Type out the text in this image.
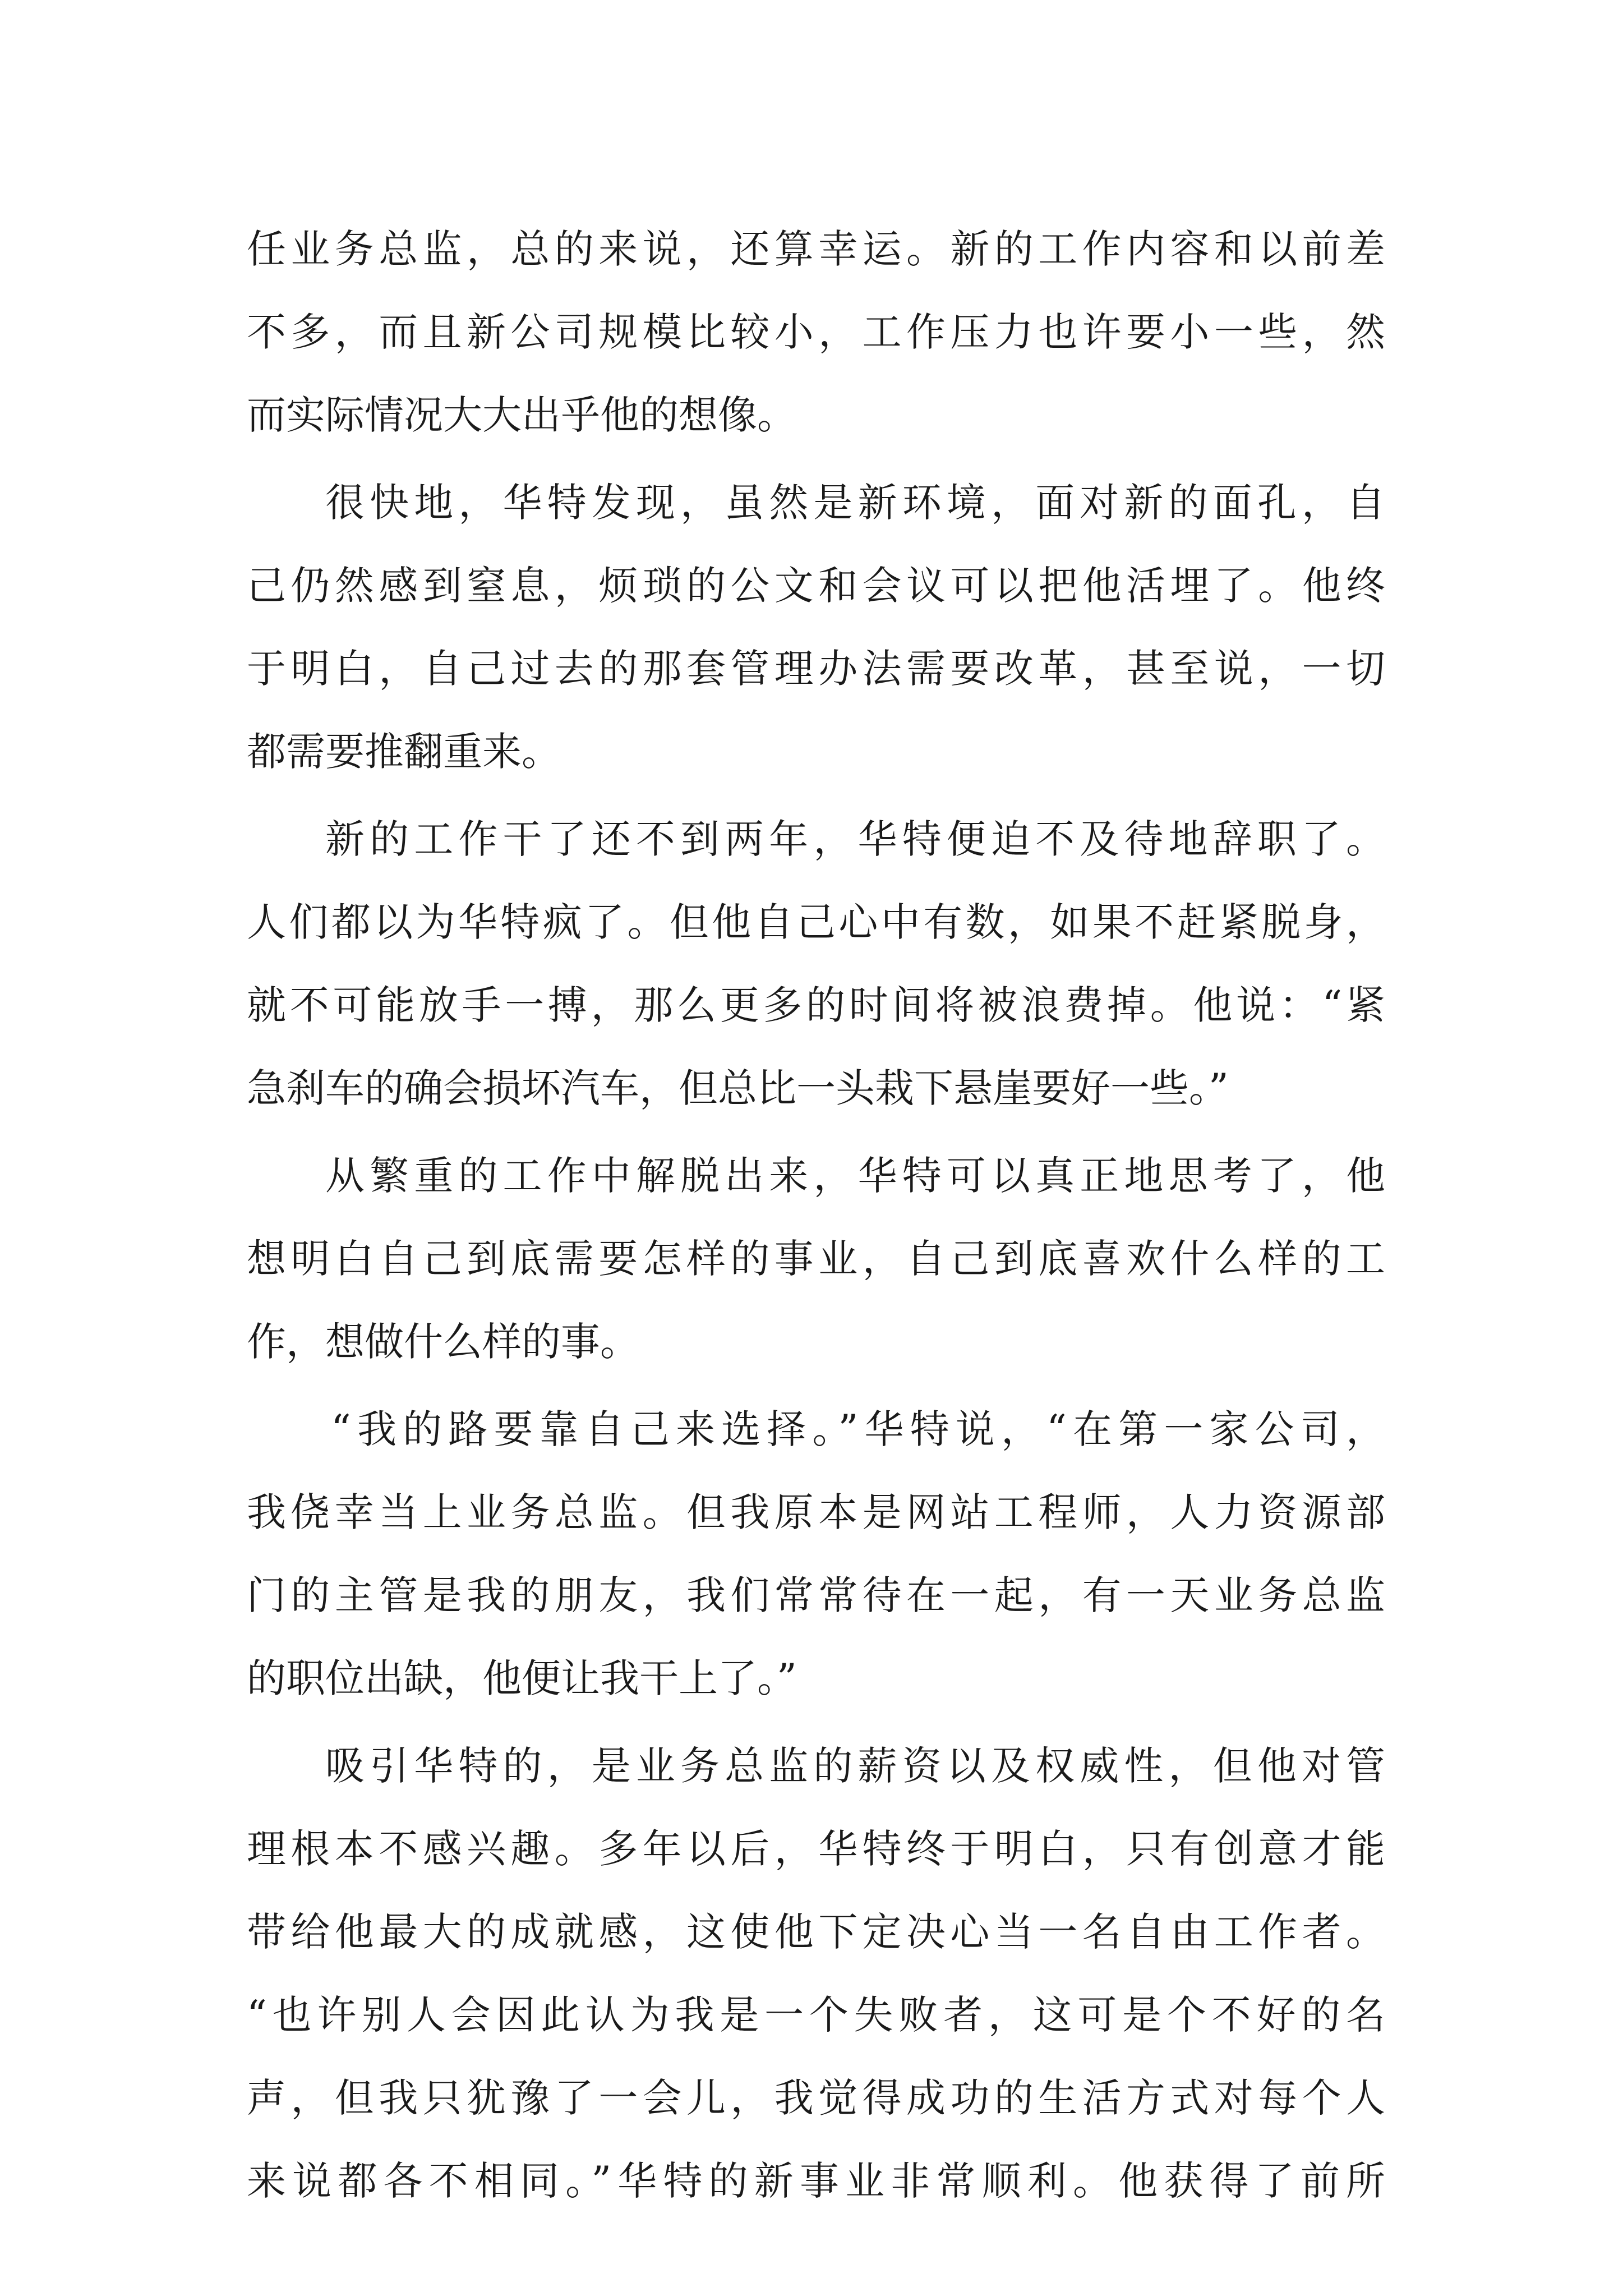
任业务总监，总的来说，还算幸运。新的工作内容和以前差
不多，而且新公司规模比较小，工作压力也许要小一些，然
而实际情况大大出乎他的想像。
很快地，华特发现，虽然是新环境，面对新的面孔，自
己仍然感到窒息，烦琐的公文和会议可以把他活埋了。他终
于明白，自己过去的那套管理办法需要改革，甚至说，一切
都需要推翻重来。
新的工作干了还不到两年，华特便迫不及待地辞职了。
人们都以为华特疯了。但他自己心中有数，如果不赶紧脱身，
就不可能放手一搏，那么更多的时间将被浪费掉。他说：“紧
急刹车的确会损坏汽车，但总比一头栽下悬崖要好一些。”
从繁重的工作中解脱出来，华特可以真正地思考了，他
想明白自己到底需要怎样的事业，自己到底喜欢什么样的工
作，想做什么样的事。
“我的路要靠自己来选择。”华特说，“在第一家公司，
我侥幸当上业务总监。但我原本是网站工程师，人力资源部
门的主管是我的朋友，我们常常待在一起，有一天业务总监
的职位出缺，他便让我干上了。”
吸引华特的，是业务总监的薪资以及权威性，但他对管
理根本不感兴趣。多年以后，华特终于明白，只有创意才能
带给他最大的成就感，这使他下定决心当一名自由工作者。
“也许别人会因此认为我是一个失败者，这可是个不好的名
声，但我只犹豫了一会儿，我觉得成功的生活方式对每个人
来说都各不相同。”华特的新事业非常顺利。他获得了前所
